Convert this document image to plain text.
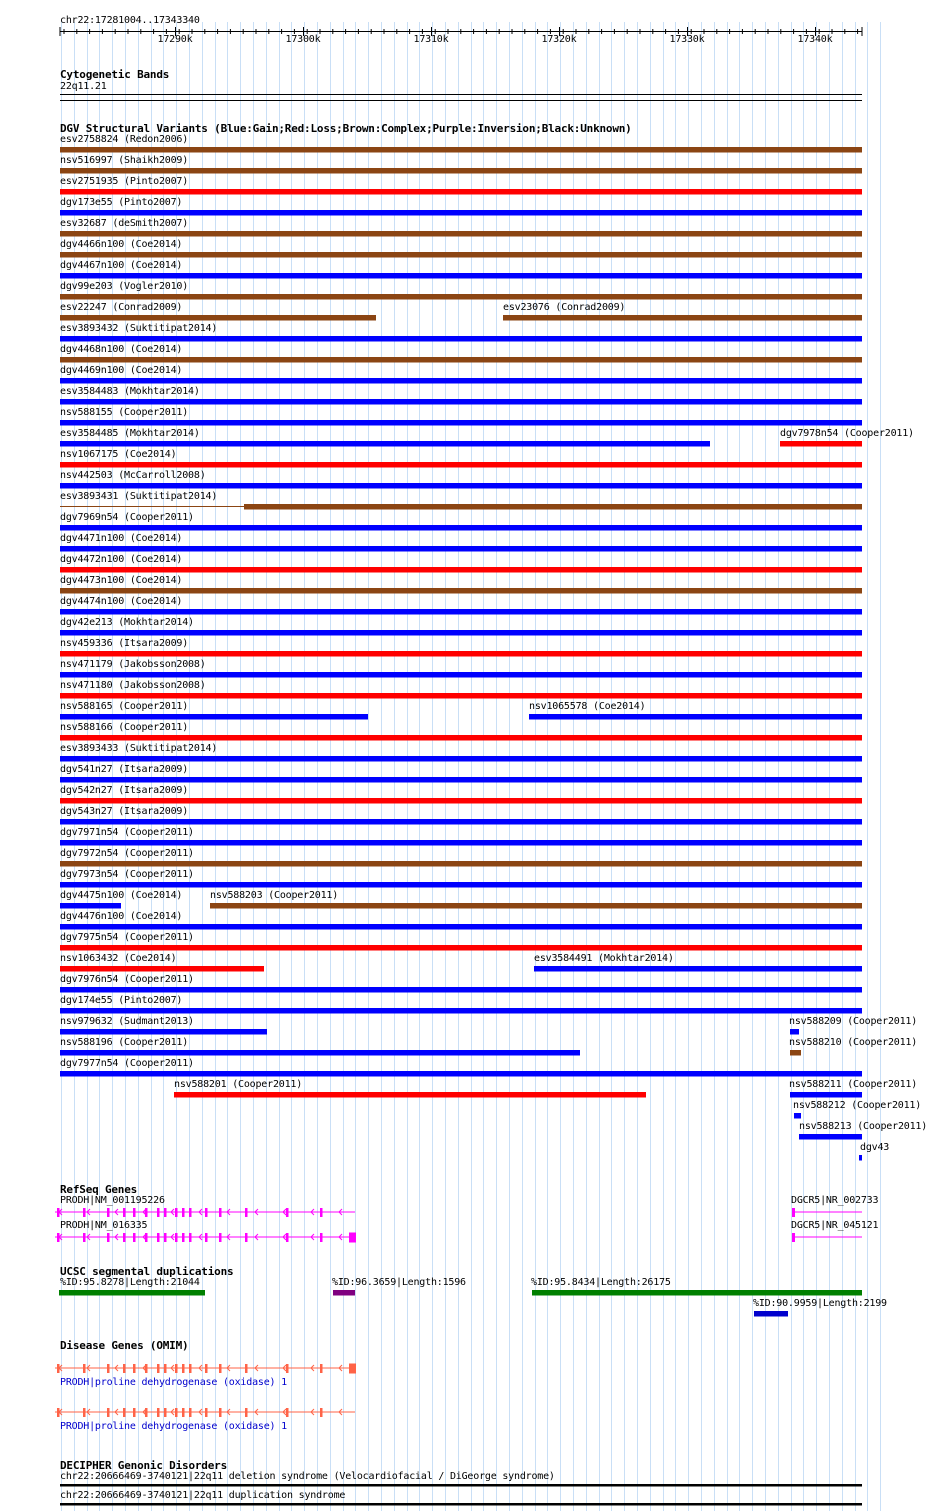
chr22:17281004..17343340
17290k	17300k	17310k	17320k	17330k	17340k
Cytogenetic Bands
22q11.21
DGV Structural Variants (Blue:Gain;Red:Loss;Brown:Complex;Purple:Inversion;Black:Unknown)
esv2758824 (Redon2006)
nsv516997 (Shaikh2009)
esv2751935 (Pinto2007)
dgv173e55 (Pinto2007)
esv32687 (deSmith2007)
dgv4466n100 (Coe2014)
dgv4467n100 (Coe2014)
dgv99e203 (Vogler2010)
esv22247 (Conrad2009)	esv23076 (Conrad2009)
esv3893432 (Suktitipat2014)
dgv4468n100 (Coe2014)
dgv4469n100 (Coe2014)
esv3584483 (Mokhtar2014)
nsv588155 (Cooper2011)
esv3584485 (Mokhtar2014)	dgv7978n54 (Cooper2011)
nsv1067175 (Coe2014)
nsv442503 (McCarroll2008)
esv3893431 (Suktitipat2014)
dgv7969n54 (Cooper2011)
dgv4471n100 (Coe2014)
dgv4472n100 (Coe2014)
dgv4473n100 (Coe2014)
dgv4474n100 (Coe2014)
dgv42e213 (Mokhtar2014)
nsv459336 (Itsara2009)
nsv471179 (Jakobsson2008)
nsv471180 (Jakobsson2008)
nsv588165 (Cooper2011)	nsv1065578 (Coe2014)
nsv588166 (Cooper2011)
esv3893433 (Suktitipat2014)
dgv541n27 (Itsara2009)
dgv542n27 (Itsara2009)
dgv543n27 (Itsara2009)
dgv7971n54 (Cooper2011)
dgv7972n54 (Cooper2011)
dgv7973n54 (Cooper2011)
dgv4475n100 (Coe2014)	nsv588203 (Cooper2011)
dgv4476n100 (Coe2014)
dgv7975n54 (Cooper2011)
nsv1063432 (Coe2014)	esv3584491 (Mokhtar2014)
dgv7976n54 (Cooper2011)
dgv174e55 (Pinto2007)
nsv979632 (Sudmant2013)	nsv588209 (Cooper2011)
nsv588196 (Cooper2011)	nsv588210 (Cooper2011)
dgv7977n54 (Cooper2011)
nsv588201 (Cooper2011)	nsv588211 (Cooper2011)
nsv588212 (Cooper2011)
nsv588213 (Cooper2011)
dgv43
RefSeq Genes
PRODH|NM_001195226
PRODH|NM_016335
DGCR5|NR_002733
DGCR5|NR_045121
UCSC segmental duplications
%ID:95.8278|Length:21044	%ID:96.3659|Length:1596	%ID:95.8434|Length:26175
%ID:90.9959|Length:2199
Disease Genes (OMIM)
PRODH|proline dehydrogenase (oxidase) 1
PRODH|proline dehydrogenase (oxidase) 1
DECIPHER Genonic Disorders
chr22:20666469-3740121|22q11 deletion syndrome (Velocardiofacial / DiGeorge syndrome)
chr22:20666469-3740121|22q11 duplication syndrome
